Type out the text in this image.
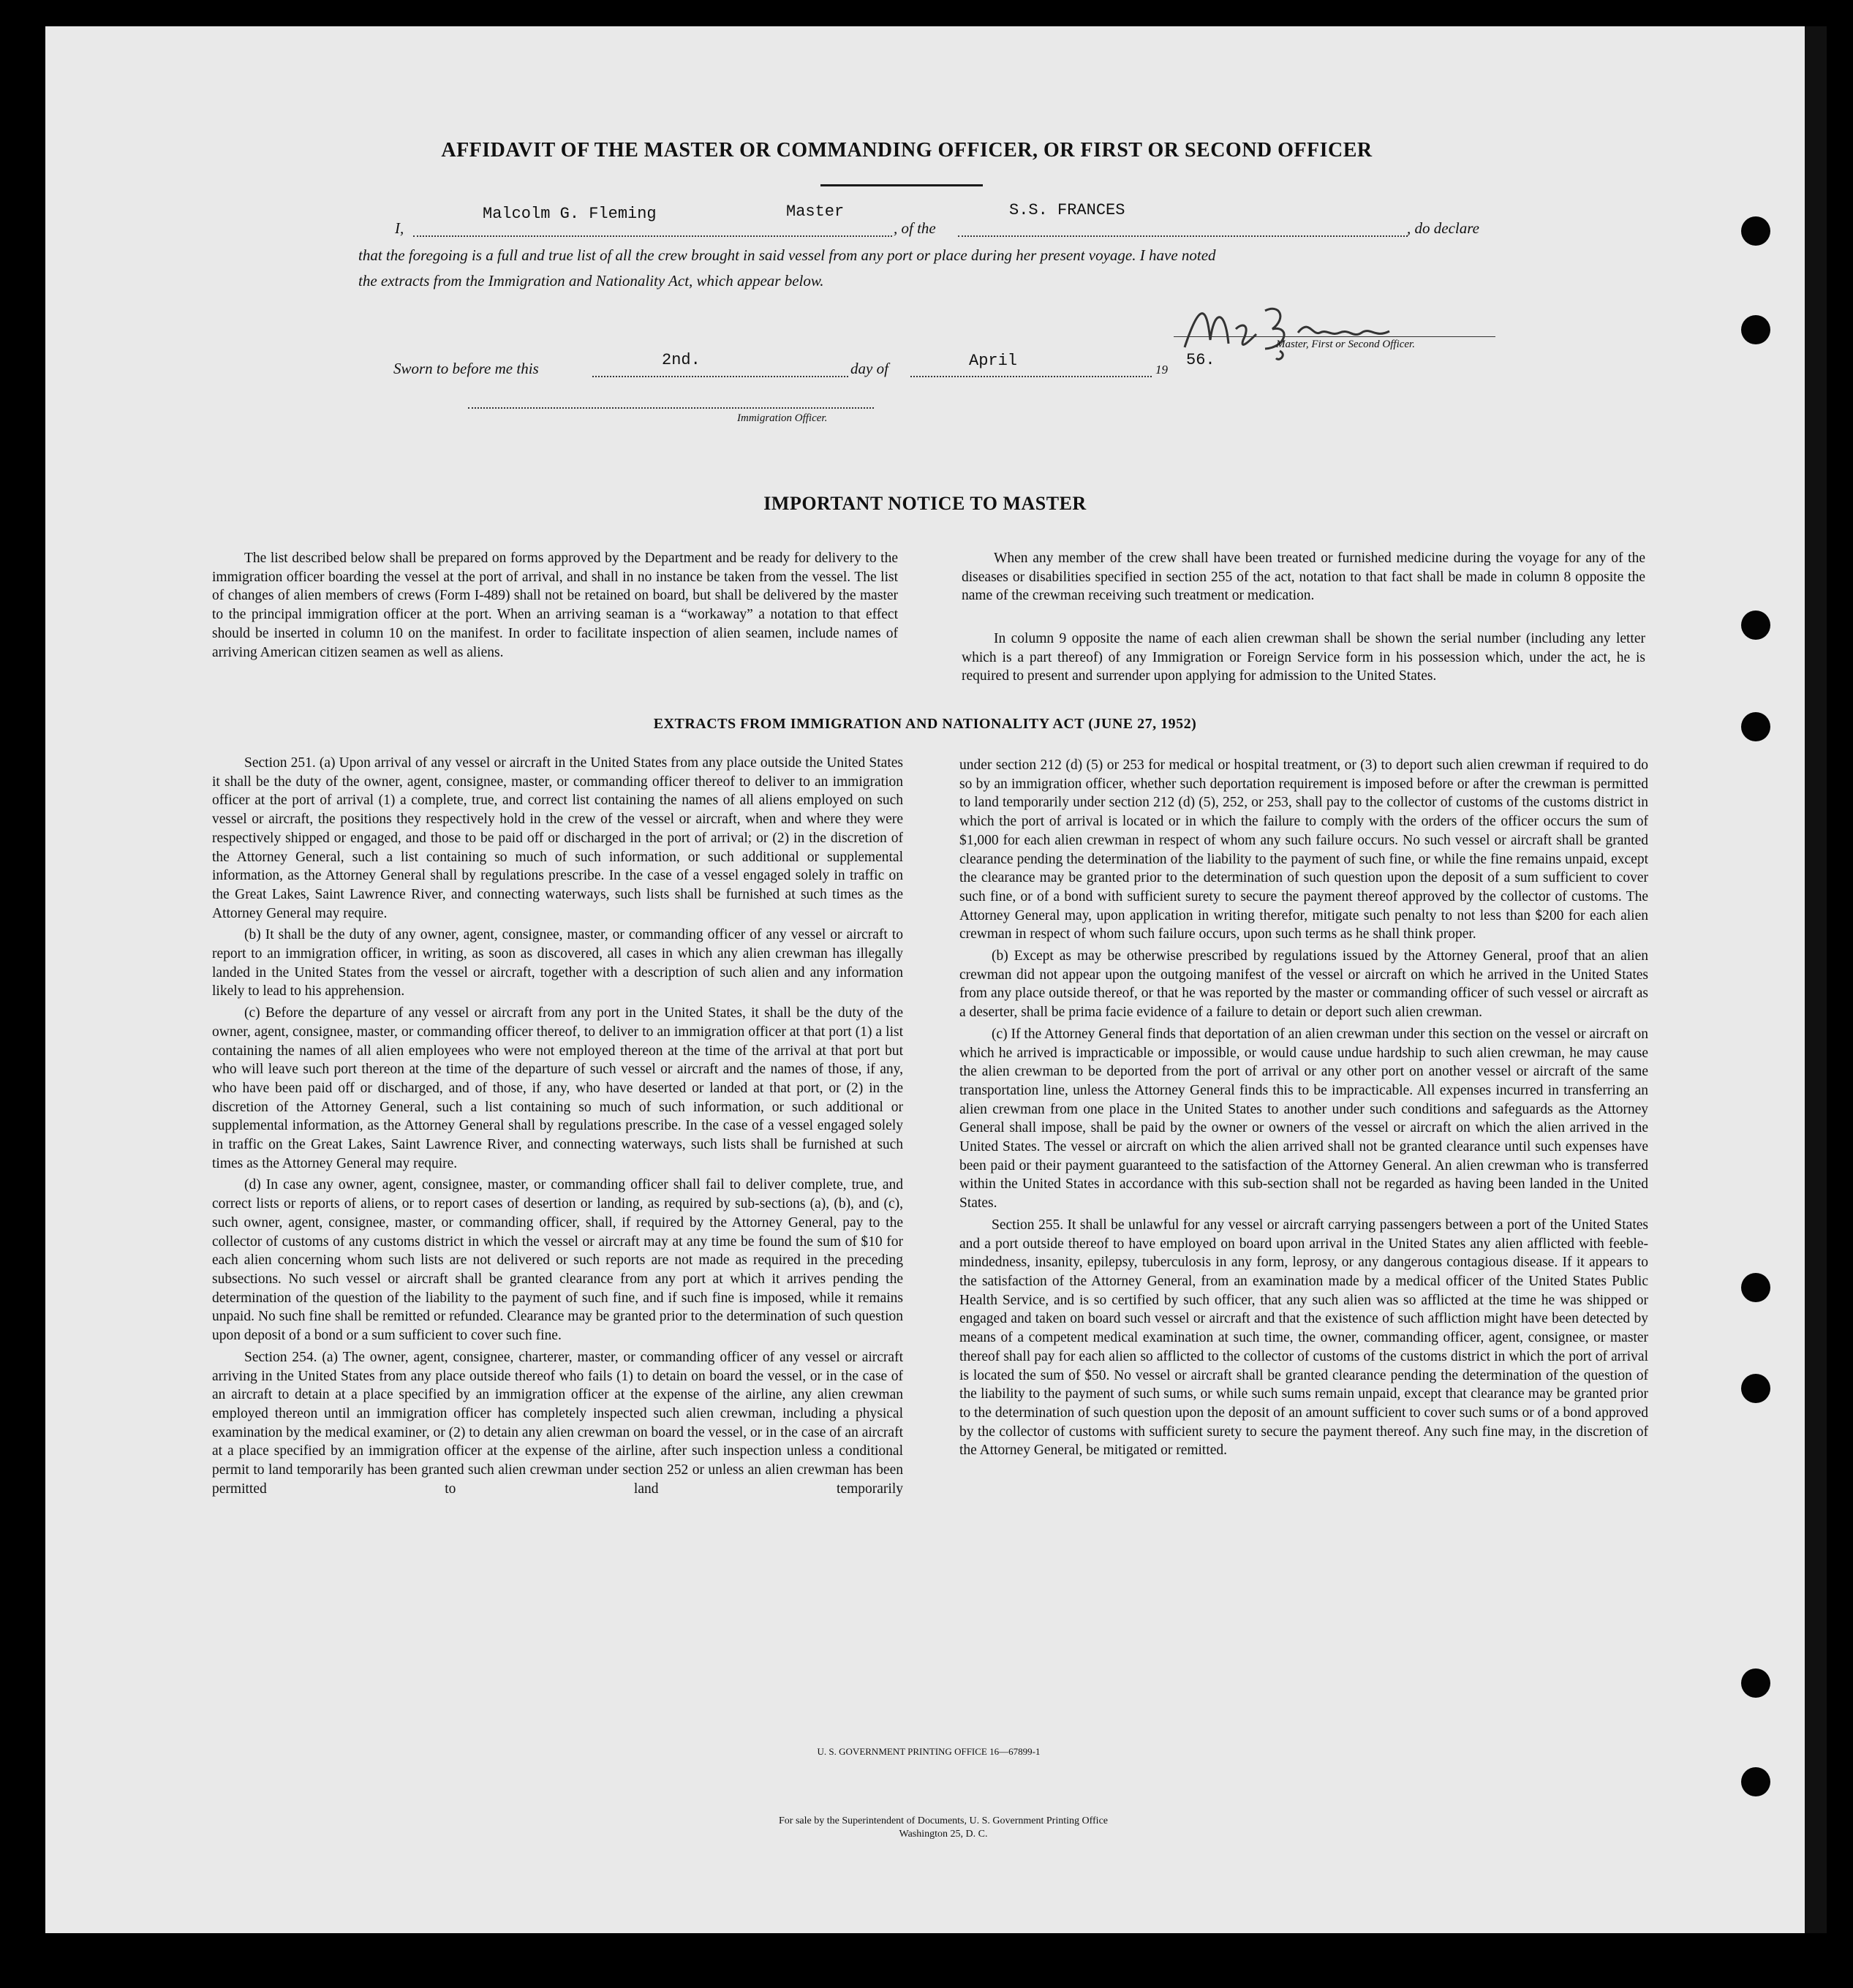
AFFIDAVIT OF THE MASTER OR COMMANDING OFFICER, OR FIRST OR SECOND OFFICER
I,
Malcolm G. Fleming	Master
, of the
S.S. FRANCES
, do declare
that the foregoing is a full and true list of all the crew brought in said vessel from any port or place during her present voyage. I have noted
the extracts from the Immigration and Nationality Act, which appear below.
Master, First or Second Officer.
Sworn to before me this	2nd.	day of	April	19
56.
Immigration Officer.
IMPORTANT NOTICE TO MASTER
The list described below shall be prepared on forms approved by the Department and be ready for delivery to the immigration officer boarding the vessel at the port of arrival, and shall in no instance be taken from the vessel. The list of changes of alien members of crews (Form I-489) shall not be retained on board, but shall be delivered by the master to the principal immigration officer at the port. When an arriving seaman is a “workaway” a notation to that effect should be inserted in column 10 on the manifest. In order to facilitate inspection of alien seamen, include names of arriving American citizen seamen as well as aliens.
When any member of the crew shall have been treated or furnished medicine during the voyage for any of the diseases or disabilities specified in section 255 of the act, notation to that fact shall be made in column 8 opposite the name of the crewman receiving such treatment or medication.
In column 9 opposite the name of each alien crewman shall be shown the serial number (including any letter which is a part thereof) of any Immigration or Foreign Service form in his possession which, under the act, he is required to present and surrender upon applying for admission to the United States.
EXTRACTS FROM IMMIGRATION AND NATIONALITY ACT (JUNE 27, 1952)

Section 251. (a) Upon arrival of any vessel or aircraft in the United States from any place outside the United States it shall be the duty of the owner, agent, consignee, master, or commanding officer thereof to deliver to an immigration officer at the port of arrival (1) a complete, true, and correct list containing the names of all aliens employed on such vessel or aircraft, the positions they respectively hold in the crew of the vessel or aircraft, when and where they were respectively shipped or engaged, and those to be paid off or discharged in the port of arrival; or (2) in the discretion of the Attorney General, such a list containing so much of such information, or such additional or supplemental information, as the Attorney General shall by regulations prescribe. In the case of a vessel engaged solely in traffic on the Great Lakes, Saint Lawrence River, and connecting waterways, such lists shall be furnished at such times as the Attorney General may require.

(b) It shall be the duty of any owner, agent, consignee, master, or commanding officer of any vessel or aircraft to report to an immigration officer, in writing, as soon as discovered, all cases in which any alien crewman has illegally landed in the United States from the vessel or aircraft, together with a description of such alien and any information likely to lead to his apprehension.

(c) Before the departure of any vessel or aircraft from any port in the United States, it shall be the duty of the owner, agent, consignee, master, or commanding officer thereof, to deliver to an immigration officer at that port (1) a list containing the names of all alien employees who were not employed thereon at the time of the arrival at that port but who will leave such port thereon at the time of the departure of such vessel or aircraft and the names of those, if any, who have been paid off or discharged, and of those, if any, who have deserted or landed at that port, or (2) in the discretion of the Attorney General, such a list containing so much of such information, or such additional or supplemental information, as the Attorney General shall by regulations prescribe. In the case of a vessel engaged solely in traffic on the Great Lakes, Saint Lawrence River, and connecting waterways, such lists shall be furnished at such times as the Attorney General may require.

(d) In case any owner, agent, consignee, master, or commanding officer shall fail to deliver complete, true, and correct lists or reports of aliens, or to report cases of desertion or landing, as required by sub-sections (a), (b), and (c), such owner, agent, consignee, master, or commanding officer, shall, if required by the Attorney General, pay to the collector of customs of any customs district in which the vessel or aircraft may at any time be found the sum of $10 for each alien concerning whom such lists are not delivered or such reports are not made as required in the preceding subsections. No such vessel or aircraft shall be granted clearance from any port at which it arrives pending the determination of the question of the liability to the payment of such fine, and if such fine is imposed, while it remains unpaid. No such fine shall be remitted or refunded. Clearance may be granted prior to the determination of such question upon deposit of a bond or a sum sufficient to cover such fine.

Section 254. (a) The owner, agent, consignee, charterer, master, or commanding officer of any vessel or aircraft arriving in the United States from any place outside thereof who fails (1) to detain on board the vessel, or in the case of an aircraft to detain at a place specified by an immigration officer at the expense of the airline, any alien crewman employed thereon until an immigration officer has completely inspected such alien crewman, including a physical examination by the medical examiner, or (2) to detain any alien crewman on board the vessel, or in the case of an aircraft at a place specified by an immigration officer at the expense of the airline, after such inspection unless a conditional permit to land temporarily has been granted such alien crewman under section 252 or unless an alien crewman has been permitted to land temporarily

under section 212 (d) (5) or 253 for medical or hospital treatment, or (3) to deport such alien crewman if required to do so by an immigration officer, whether such deportation requirement is imposed before or after the crewman is permitted to land temporarily under section 212 (d) (5), 252, or 253, shall pay to the collector of customs of the customs district in which the port of arrival is located or in which the failure to comply with the orders of the officer occurs the sum of $1,000 for each alien crewman in respect of whom any such failure occurs. No such vessel or aircraft shall be granted clearance pending the determination of the liability to the payment of such fine, or while the fine remains unpaid, except the clearance may be granted prior to the determination of such question upon the deposit of a sum sufficient to cover such fine, or of a bond with sufficient surety to secure the payment thereof approved by the collector of customs. The Attorney General may, upon application in writing therefor, mitigate such penalty to not less than $200 for each alien crewman in respect of whom such failure occurs, upon such terms as he shall think proper.

(b) Except as may be otherwise prescribed by regulations issued by the Attorney General, proof that an alien crewman did not appear upon the outgoing manifest of the vessel or aircraft on which he arrived in the United States from any place outside thereof, or that he was reported by the master or commanding officer of such vessel or aircraft as a deserter, shall be prima facie evidence of a failure to detain or deport such alien crewman.

(c) If the Attorney General finds that deportation of an alien crewman under this section on the vessel or aircraft on which he arrived is impracticable or impossible, or would cause undue hardship to such alien crewman, he may cause the alien crewman to be deported from the port of arrival or any other port on another vessel or aircraft of the same transportation line, unless the Attorney General finds this to be impracticable. All expenses incurred in transferring an alien crewman from one place in the United States to another under such conditions and safeguards as the Attorney General shall impose, shall be paid by the owner or owners of the vessel or aircraft on which the alien arrived in the United States. The vessel or aircraft on which the alien arrived shall not be granted clearance until such expenses have been paid or their payment guaranteed to the satisfaction of the Attorney General. An alien crewman who is transferred within the United States in accordance with this sub-section shall not be regarded as having been landed in the United States.

Section 255. It shall be unlawful for any vessel or aircraft carrying passengers between a port of the United States and a port outside thereof to have employed on board upon arrival in the United States any alien afflicted with feeble-mindedness, insanity, epilepsy, tuberculosis in any form, leprosy, or any dangerous contagious disease. If it appears to the satisfaction of the Attorney General, from an examination made by a medical officer of the United States Public Health Service, and is so certified by such officer, that any such alien was so afflicted at the time he was shipped or engaged and taken on board such vessel or aircraft and that the existence of such affliction might have been detected by means of a competent medical examination at such time, the owner, commanding officer, agent, consignee, or master thereof shall pay for each alien so afflicted to the collector of customs of the customs district in which the port of arrival is located the sum of $50. No vessel or aircraft shall be granted clearance pending the determination of the question of the liability to the payment of such sums, or while such sums remain unpaid, except that clearance may be granted prior to the determination of such question upon the deposit of an amount sufficient to cover such sums or of a bond approved by the collector of customs with sufficient surety to secure the payment thereof. Any such fine may, in the discretion of the Attorney General, be mitigated or remitted.

U. S. GOVERNMENT PRINTING OFFICE 16—67899-1
For sale by the Superintendent of Documents, U. S. Government Printing Office
Washington 25, D. C.
